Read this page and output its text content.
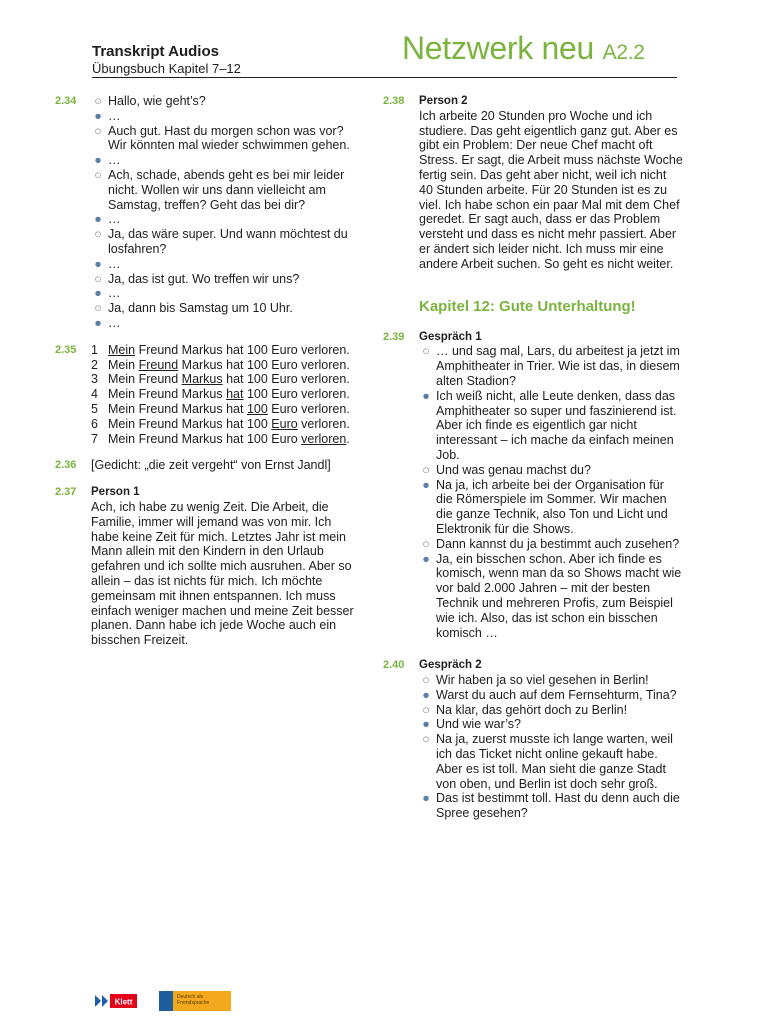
Transkript Audios
Übungsbuch Kapitel 7–12
Netzwerk neu A2.2
2.34 ○ Hallo, wie geht’s?
● …
○ Auch gut. Hast du morgen schon was vor? Wir könnten mal wieder schwimmen gehen.
● …
○ Ach, schade, abends geht es bei mir leider nicht. Wollen wir uns dann vielleicht am Samstag, treffen? Geht das bei dir?
● …
○ Ja, das wäre super. Und wann möchtest du losfahren?
● …
○ Ja, das ist gut. Wo treffen wir uns?
● …
○ Ja, dann bis Samstag um 10 Uhr.
● …
2.35 1 Mein Freund Markus hat 100 Euro verloren.
2 Mein Freund Markus hat 100 Euro verloren.
3 Mein Freund Markus hat 100 Euro verloren.
4 Mein Freund Markus hat 100 Euro verloren.
5 Mein Freund Markus hat 100 Euro verloren.
6 Mein Freund Markus hat 100 Euro verloren.
7 Mein Freund Markus hat 100 Euro verloren.
2.36 [Gedicht: „die zeit vergeht“ von Ernst Jandl]
2.37 Person 1
Ach, ich habe zu wenig Zeit. Die Arbeit, die Familie, immer will jemand was von mir. Ich habe keine Zeit für mich. Letztes Jahr ist mein Mann allein mit den Kindern in den Urlaub gefahren und ich sollte mich ausruhen. Aber so allein – das ist nichts für mich. Ich möchte gemeinsam mit ihnen entspannen. Ich muss einfach weniger machen und meine Zeit besser planen. Dann habe ich jede Woche auch ein bisschen Freizeit.
2.38 Person 2
Ich arbeite 20 Stunden pro Woche und ich studiere. Das geht eigentlich ganz gut. Aber es gibt ein Problem: Der neue Chef macht oft Stress. Er sagt, die Arbeit muss nächste Woche fertig sein. Das geht aber nicht, weil ich nicht 40 Stunden arbeite. Für 20 Stunden ist es zu viel. Ich habe schon ein paar Mal mit dem Chef geredet. Er sagt auch, dass er das Problem versteht und dass es nicht mehr passiert. Aber er ändert sich leider nicht. Ich muss mir eine andere Arbeit suchen. So geht es nicht weiter.
Kapitel 12: Gute Unterhaltung!
2.39 Gespräch 1
○ … und sag mal, Lars, du arbeitest ja jetzt im Amphitheater in Trier. Wie ist das, in diesem alten Stadion?
● Ich weiß nicht, alle Leute denken, dass das Amphitheater so super und faszinierend ist. Aber ich finde es eigentlich gar nicht interessant – ich mache da einfach meinen Job.
○ Und was genau machst du?
● Na ja, ich arbeite bei der Organisation für die Römerspiele im Sommer. Wir machen die ganze Technik, also Ton und Licht und Elektronik für die Shows.
○ Dann kannst du ja bestimmt auch zusehen?
● Ja, ein bisschen schon. Aber ich finde es komisch, wenn man da so Shows macht wie vor bald 2.000 Jahren – mit der besten Technik und mehreren Profis, zum Beispiel wie ich. Also, das ist schon ein bisschen komisch …
2.40 Gespräch 2
○ Wir haben ja so viel gesehen in Berlin!
● Warst du auch auf dem Fernsehturm, Tina?
○ Na klar, das gehört doch zu Berlin!
● Und wie war’s?
○ Na ja, zuerst musste ich lange warten, weil ich das Ticket nicht online gekauft habe. Aber es ist toll. Man sieht die ganze Stadt von oben, und Berlin ist doch sehr groß.
● Das ist bestimmt toll. Hast du denn auch die Spree gesehen?
Klett
Deutsch als Fremdsprache
